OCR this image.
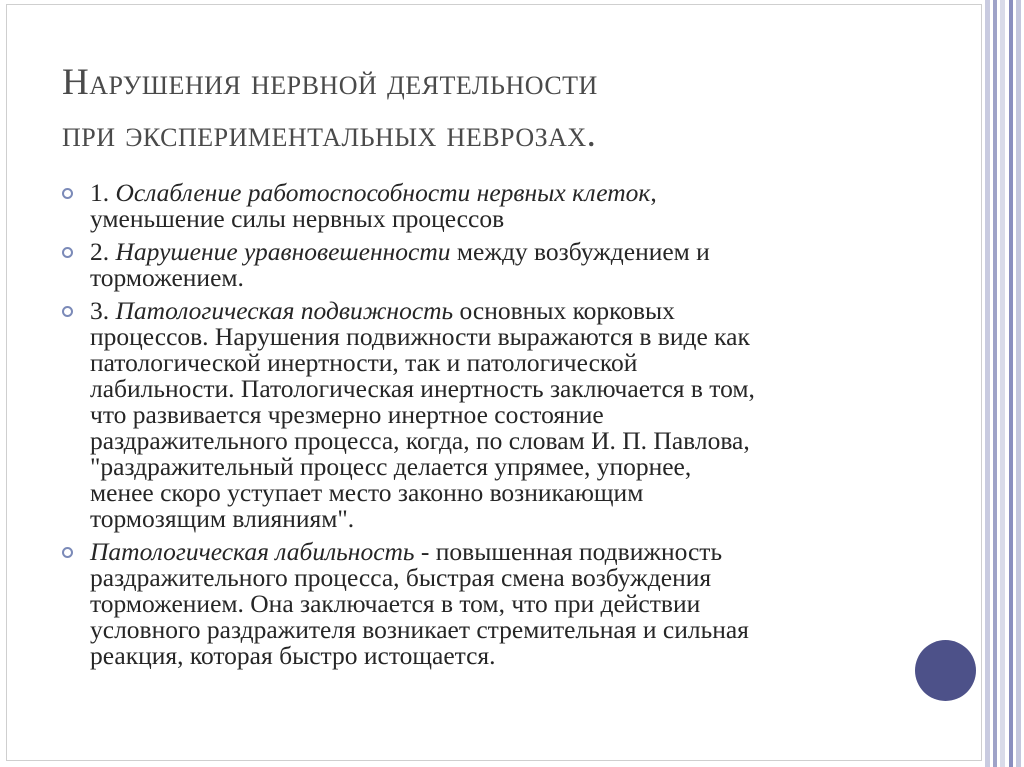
Нарушения нервной деятельности
при экспериментальных неврозах.
1. Ослабление работоспособности нервных клеток,
уменьшение силы нервных процессов
2. Нарушение уравновешенности между возбуждением и
торможением.
3. Патологическая подвижность основных корковых
процессов. Нарушения подвижности выражаются в виде как
патологической инертности, так и патологической
лабильности. Патологическая инертность заключается в том,
что развивается чрезмерно инертное состояние
раздражительного процесса, когда, по словам И. П. Павлова,
"раздражительный процесс делается упрямее, упорнее,
менее скоро уступает место законно возникающим
тормозящим влияниям".
Патологическая лабильность - повышенная подвижность
раздражительного процесса, быстрая смена возбуждения
торможением. Она заключается в том, что при действии
условного раздражителя возникает стремительная и сильная
реакция, которая быстро истощается.
